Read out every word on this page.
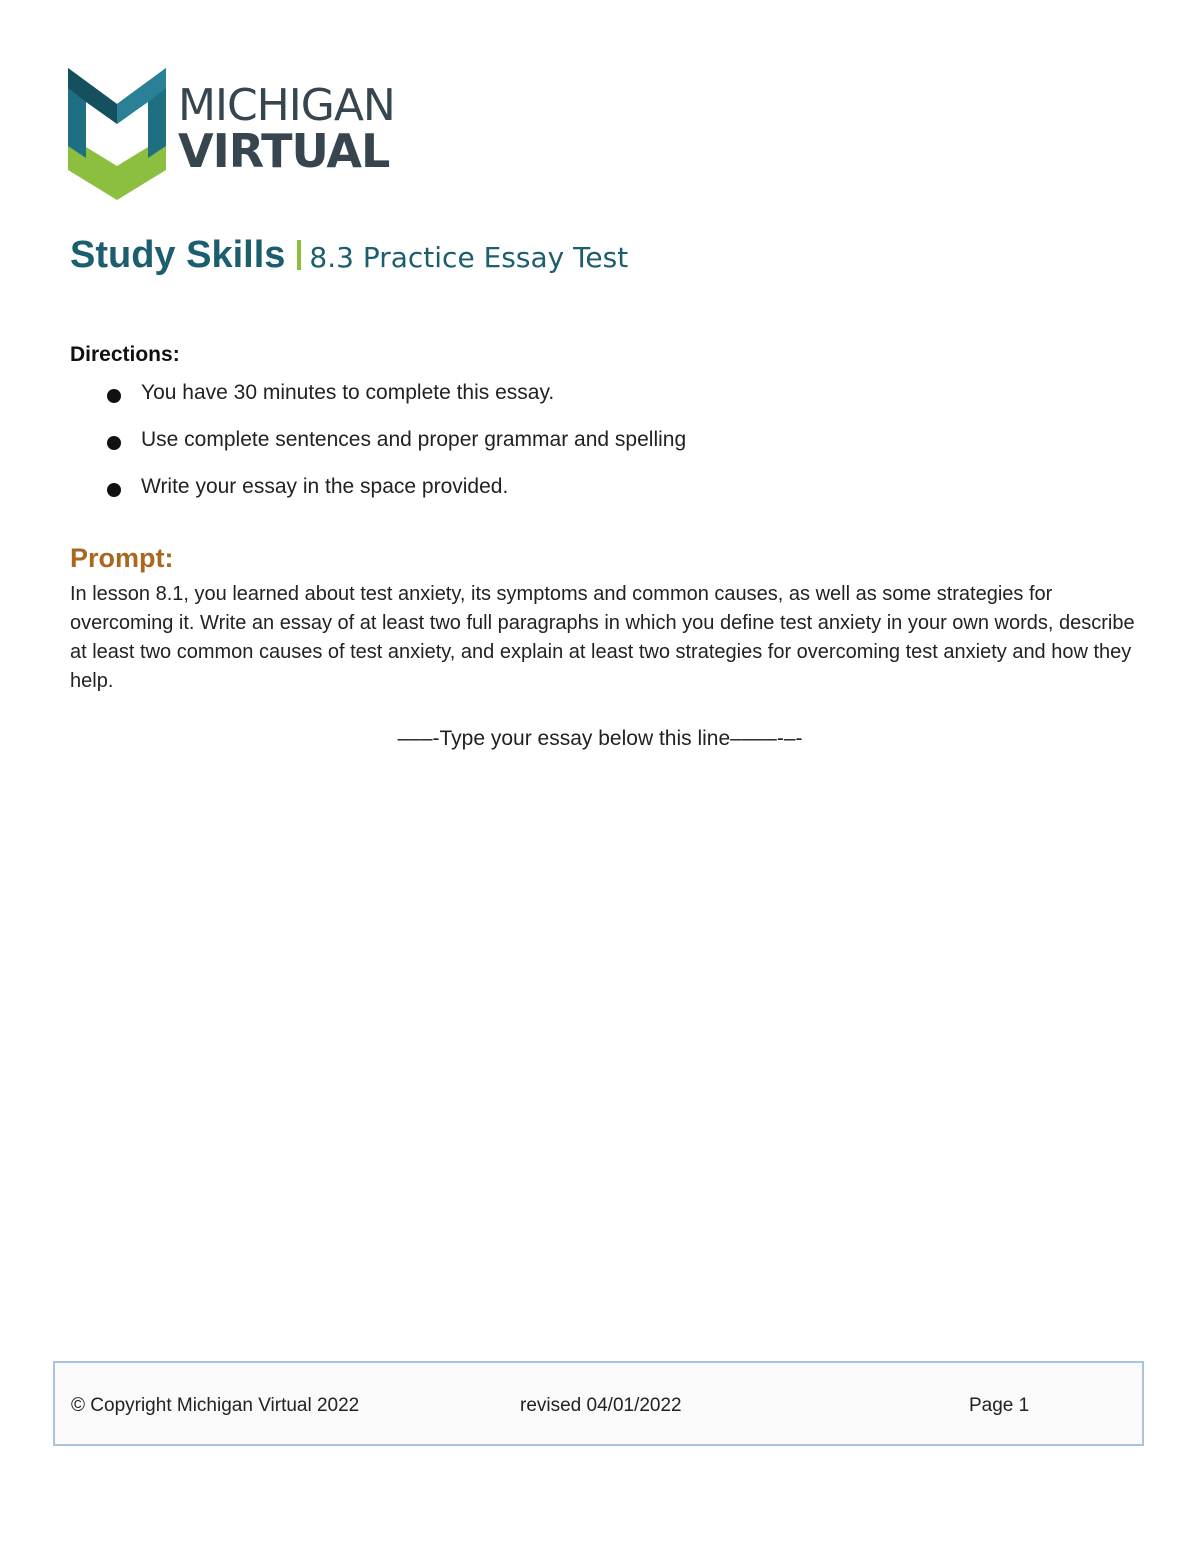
MICHIGAN
VIRTUAL
Study Skills 8.3 Practice Essay Test
Directions:
You have 30 minutes to complete this essay.
Use complete sentences and proper grammar and spelling
Write your essay in the space provided.
Prompt:

In lesson 8.1, you learned about test anxiety, its symptoms and common causes, as well as some strategies for overcoming it. Write an essay of at least two full paragraphs in which you define test anxiety in your own words, describe at least two common causes of test anxiety, and explain at least two strategies for overcoming test anxiety and how they help.

–––-Type your essay below this line––––-–-
© Copyright Michigan Virtual 2022	revised 04/01/2022	Page 1
